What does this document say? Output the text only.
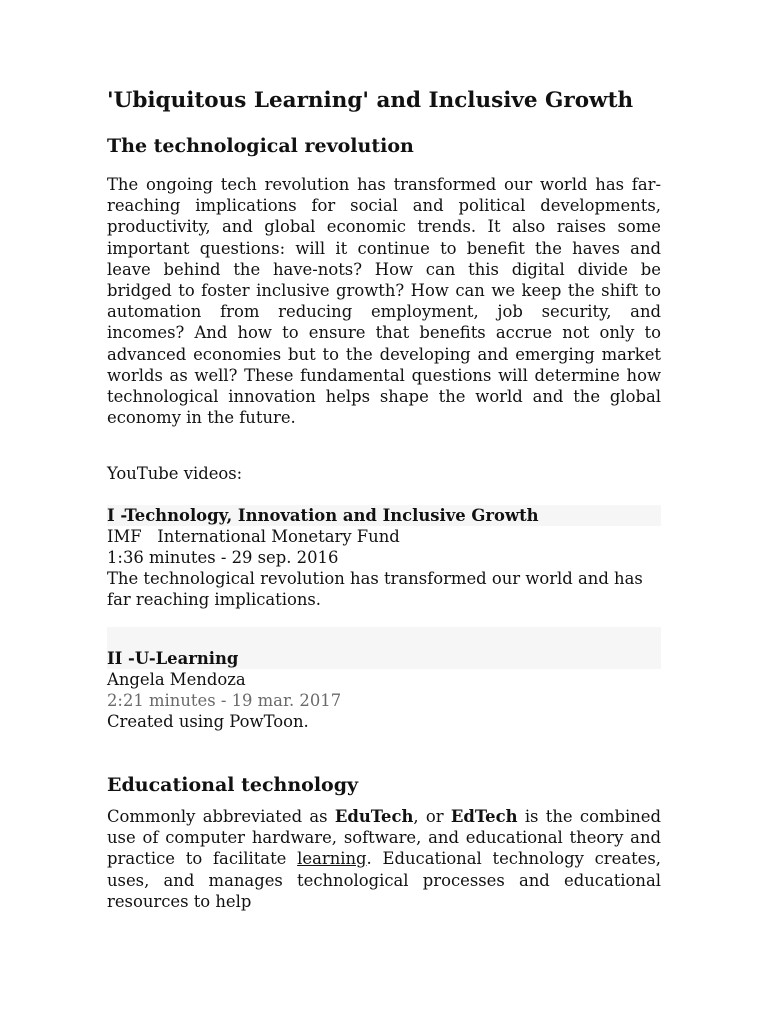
'Ubiquitous Learning' and Inclusive Growth
The technological revolution

The ongoing tech revolution has transformed our world has far-reaching implications for social and political developments, productivity, and global economic trends. It also raises some important questions: will it continue to benefit the haves and leave behind the have-nots? How can this digital divide be bridged to foster inclusive growth? How can we keep the shift to automation from reducing employment, job security, and incomes? And how to ensure that benefits accrue not only to advanced economies but to the developing and emerging market worlds as well? These fundamental questions will determine how technological innovation helps shape the world and the global economy in the future.

YouTube videos:
I -Technology, Innovation and Inclusive Growth
IMF   International Monetary Fund
1:36 minutes - 29 sep. 2016
The technological revolution has transformed our world and has far reaching implications.
II -U-Learning
Angela Mendoza
2:21 minutes - 19 mar. 2017
Created using PowToon.
Educational technology

Commonly abbreviated as EduTech, or EdTech is the combined use of computer hardware, software, and educational theory and practice to facilitate learning. Educational technology creates, uses, and manages technological processes and educational resources to help
